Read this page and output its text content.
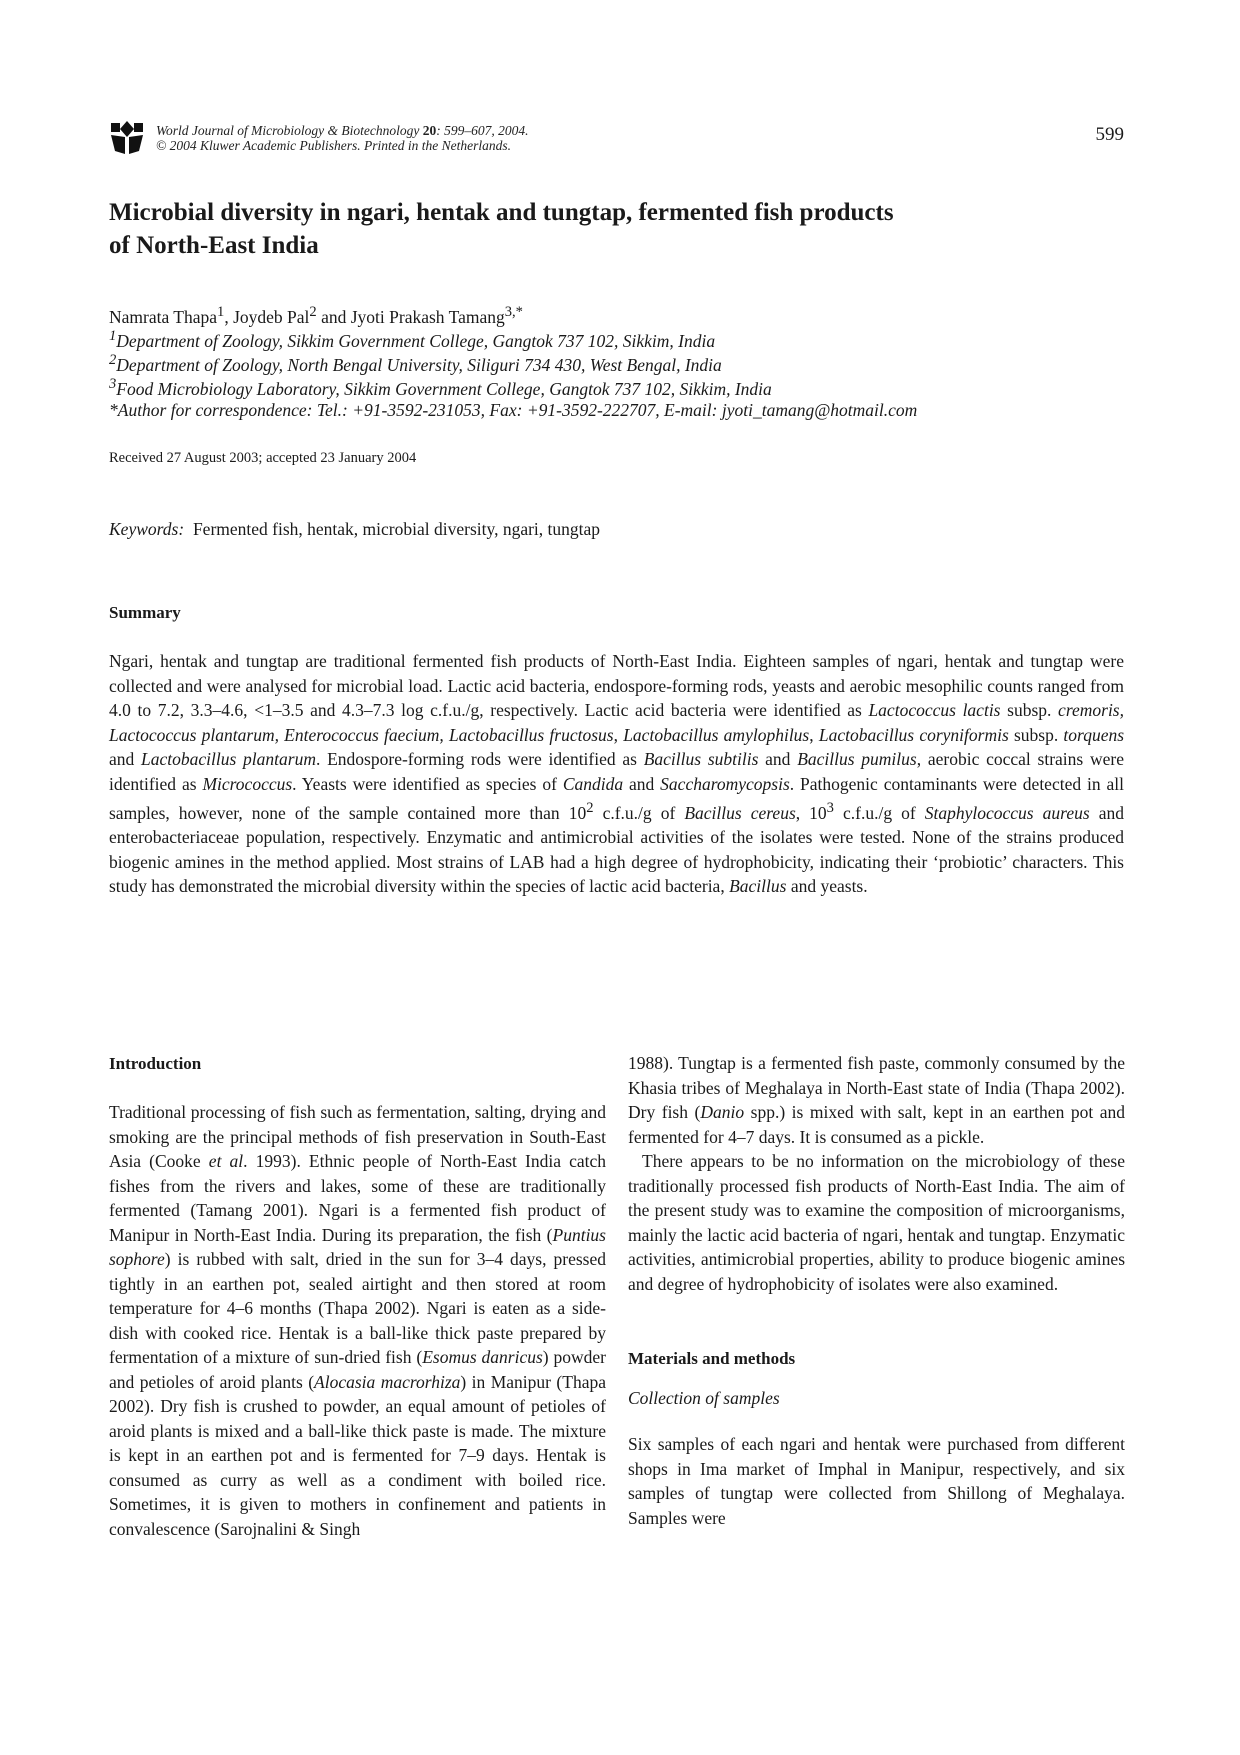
World Journal of Microbiology & Biotechnology 20: 599–607, 2004.
© 2004 Kluwer Academic Publishers. Printed in the Netherlands.
599
Microbial diversity in ngari, hentak and tungtap, fermented fish products
of North-East India
Namrata Thapa$^1$, Joydeb Pal$^2$ and Jyoti Prakash Tamang$^{3,*}$
$^1$Department of Zoology, Sikkim Government College, Gangtok 737 102, Sikkim, India
$^2$Department of Zoology, North Bengal University, Siliguri 734 430, West Bengal, India
$^3$Food Microbiology Laboratory, Sikkim Government College, Gangtok 737 102, Sikkim, India
*Author for correspondence: Tel.: +91-3592-231053, Fax: +91-3592-222707, E-mail: jyoti_tamang@hotmail.com
Received 27 August 2003; accepted 23 January 2004
Keywords: Fermented fish, hentak, microbial diversity, ngari, tungtap
Summary

Ngari, hentak and tungtap are traditional fermented fish products of North-East India. Eighteen samples of ngari, hentak and tungtap were collected and were analysed for microbial load. Lactic acid bacteria, endospore-forming rods, yeasts and aerobic mesophilic counts ranged from 4.0 to 7.2, 3.3–4.6, <1–3.5 and 4.3–7.3 log c.f.u./g, respectively. Lactic acid bacteria were identified as Lactococcus lactis subsp. cremoris, Lactococcus plantarum, Enterococcus faecium, Lactobacillus fructosus, Lactobacillus amylophilus, Lactobacillus coryniformis subsp. torquens and Lactobacillus plantarum. Endospore-forming rods were identified as Bacillus subtilis and Bacillus pumilus, aerobic coccal strains were identified as Micrococcus. Yeasts were identified as species of Candida and Saccharomycopsis. Pathogenic contaminants were detected in all samples, however, none of the sample contained more than $10^2$ c.f.u./g of Bacillus cereus, $10^3$ c.f.u./g of Staphylococcus aureus and enterobacteriaceae population, respectively. Enzymatic and antimicrobial activities of the isolates were tested. None of the strains produced biogenic amines in the method applied. Most strains of LAB had a high degree of hydrophobicity, indicating their ‘probiotic’ characters. This study has demonstrated the microbial diversity within the species of lactic acid bacteria, Bacillus and yeasts.

Introduction

Traditional processing of fish such as fermentation, salting, drying and smoking are the principal methods of fish preservation in South-East Asia (Cooke et al. 1993). Ethnic people of North-East India catch fishes from the rivers and lakes, some of these are traditionally fermented (Tamang 2001). Ngari is a fermented fish product of Manipur in North-East India. During its preparation, the fish (Puntius sophore) is rubbed with salt, dried in the sun for 3–4 days, pressed tightly in an earthen pot, sealed airtight and then stored at room temperature for 4–6 months (Thapa 2002). Ngari is eaten as a side-dish with cooked rice. Hentak is a ball-like thick paste prepared by fermentation of a mixture of sun-dried fish (Esomus danricus) powder and petioles of aroid plants (Alocasia macrorhiza) in Manipur (Thapa 2002). Dry fish is crushed to powder, an equal amount of petioles of aroid plants is mixed and a ball-like thick paste is made. The mixture is kept in an earthen pot and is fermented for 7–9 days. Hentak is consumed as curry as well as a condiment with boiled rice. Sometimes, it is given to mothers in confinement and patients in convalescence (Sarojnalini & Singh

1988). Tungtap is a fermented fish paste, commonly consumed by the Khasia tribes of Meghalaya in North-East state of India (Thapa 2002). Dry fish (Danio spp.) is mixed with salt, kept in an earthen pot and fermented for 4–7 days. It is consumed as a pickle.

There appears to be no information on the microbiology of these traditionally processed fish products of North-East India. The aim of the present study was to examine the composition of microorganisms, mainly the lactic acid bacteria of ngari, hentak and tungtap. Enzymatic activities, antimicrobial properties, ability to produce biogenic amines and degree of hydrophobicity of isolates were also examined.

Materials and methods
Collection of samples

Six samples of each ngari and hentak were purchased from different shops in Ima market of Imphal in Manipur, respectively, and six samples of tungtap were collected from Shillong of Meghalaya. Samples were
